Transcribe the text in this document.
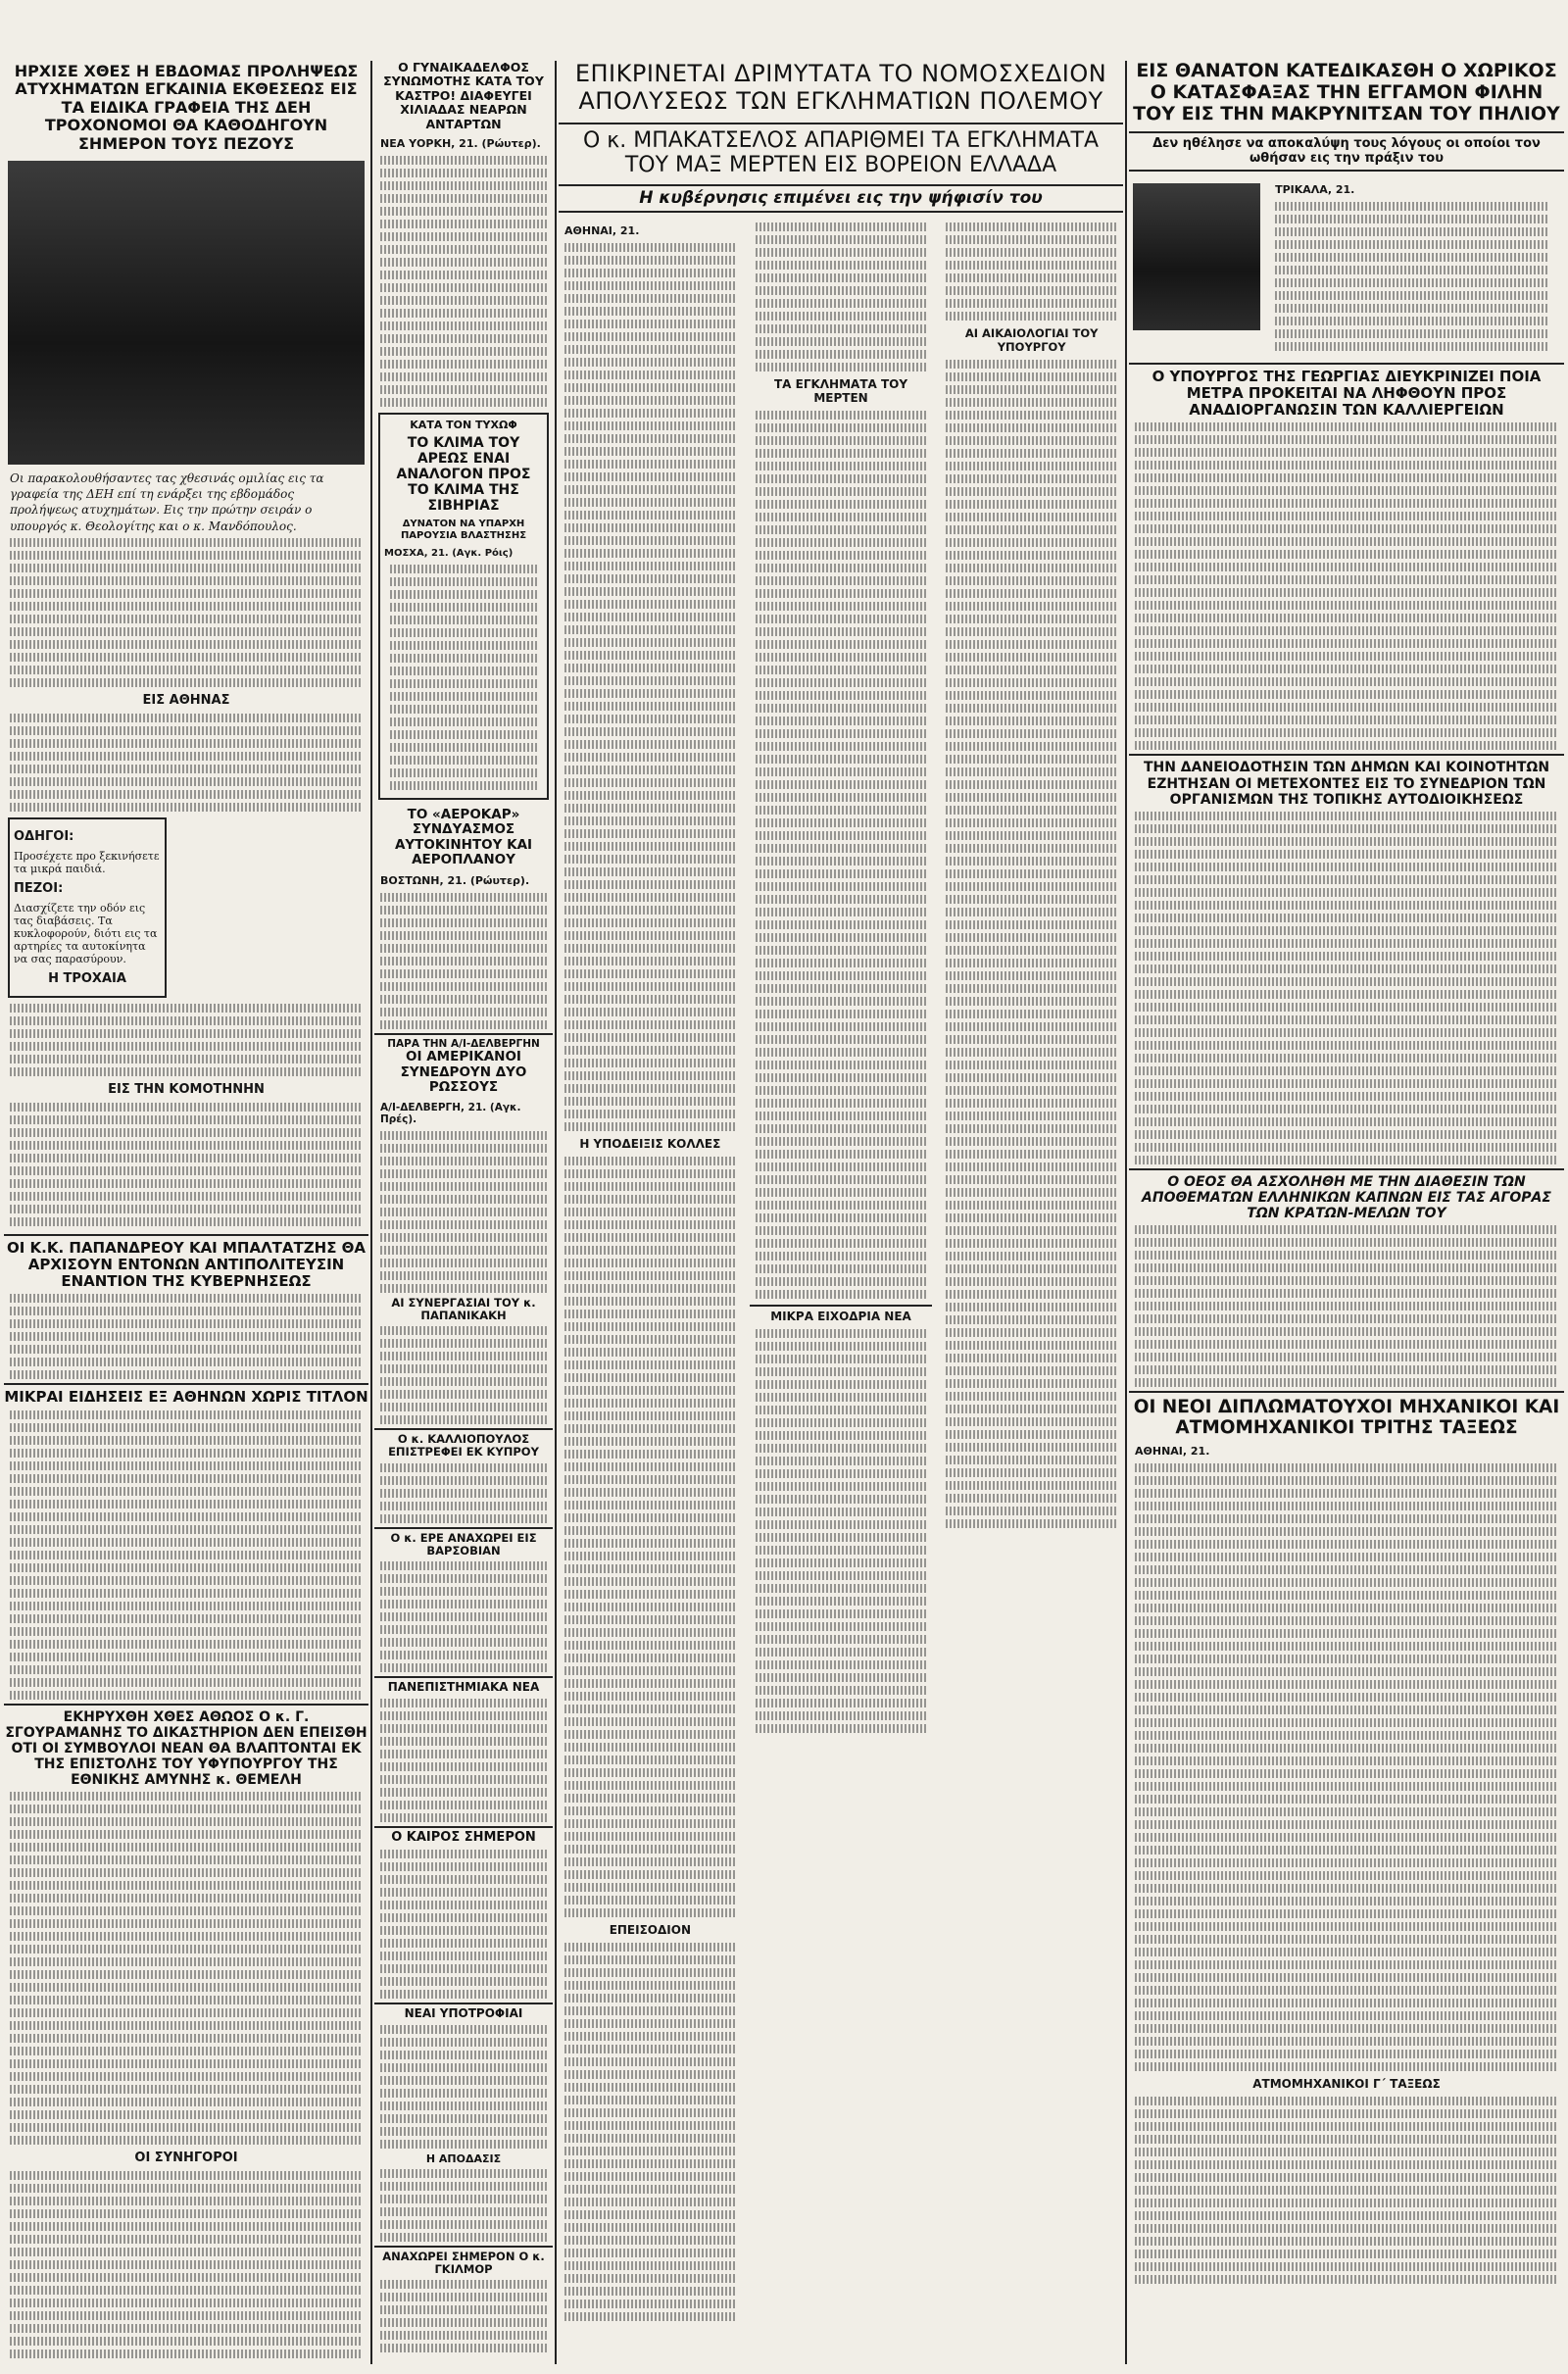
ΗΡΧΙΣΕ ΧΘΕΣ Η ΕΒΔΟΜΑΣ ΠΡΟΛΗΨΕΩΣ ΑΤΥΧΗΜΑΤΩΝ ΕΓΚΑΙΝΙΑ ΕΚΘΕΣΕΩΣ ΕΙΣ ΤΑ ΕΙΔΙΚΑ ΓΡΑΦΕΙΑ ΤΗΣ ΔΕΗ ΤΡΟΧΟΝΟΜΟΙ ΘΑ ΚΑΘΟΔΗΓΟΥΝ ΣΗΜΕΡΟΝ ΤΟΥΣ ΠΕΖΟΥΣ
Οι παρακολουθήσαντες τας χθεσινάς ομιλίας εις τα γραφεία της ΔΕΗ επί τη ενάρξει της εβδομάδος προλήψεως ατυχημάτων. Εις την πρώτην σειράν ο υπουργός κ. Θεολογίτης και ο κ. Μανδόπουλος.
ΕΙΣ ΑΘΗΝΑΣ
ΟΔΗΓΟΙ:
Προσέχετε προ ξεκινήσετε τα μικρά παιδιά.
ΠΕΖΟΙ:
Διασχίζετε την οδόν εις τας διαβάσεις. Τα κυκλοφορούν, διότι εις τα αρτηρίες τα αυτοκίνητα να σας παρασύρουν.
Η ΤΡΟΧΑΙΑ
ΕΙΣ ΤΗΝ ΚΟΜΟΤΗΝΗΝ
ΟΙ Κ.Κ. ΠΑΠΑΝΔΡΕΟΥ ΚΑΙ ΜΠΑΛΤΑΤΖΗΣ ΘΑ ΑΡΧΙΣΟΥΝ ΕΝΤΟΝΩΝ ΑΝΤΙΠΟΛΙΤΕΥΣΙΝ ΕΝΑΝΤΙΟΝ ΤΗΣ ΚΥΒΕΡΝΗΣΕΩΣ
ΜΙΚΡΑΙ ΕΙΔΗΣΕΙΣ ΕΞ ΑΘΗΝΩΝ ΧΩΡΙΣ ΤΙΤΛΟΝ
ΕΚΗΡΥΧΘΗ ΧΘΕΣ ΑΘΩΟΣ Ο κ. Γ. ΣΓΟΥΡΑΜΑΝΗΣ ΤΟ ΔΙΚΑΣΤΗΡΙΟΝ ΔΕΝ ΕΠΕΙΣΘΗ ΟΤΙ ΟΙ ΣΥΜΒΟΥΛΟΙ ΝΕΑΝ ΘΑ ΒΛΑΠΤΟΝΤΑΙ ΕΚ ΤΗΣ ΕΠΙΣΤΟΛΗΣ ΤΟΥ ΥΦΥΠΟΥΡΓΟΥ ΤΗΣ ΕΘΝΙΚΗΣ ΑΜΥΝΗΣ κ. ΘΕΜΕΛΗ
ΟΙ ΣΥΝΗΓΟΡΟΙ
Ο ΓΥΝΑΙΚΑΔΕΛΦΟΣ ΣΥΝΩΜΟΤΗΣ ΚΑΤΑ ΤΟΥ ΚΑΣΤΡΟ! ΔΙΑΦΕΥΓΕΙ ΧΙΛΙΑΔΑΣ ΝΕΑΡΩΝ ΑΝΤΑΡΤΩΝ
ΝΕΑ ΥΟΡΚΗ, 21. (Ρώυτερ).
ΚΑΤΑ ΤΟΝ ΤΥΧΩΦ
ΤΟ ΚΛΙΜΑ ΤΟΥ ΑΡΕΩΣ ΕΝΑΙ ΑΝΑΛΟΓΟΝ ΠΡΟΣ ΤΟ ΚΛΙΜΑ ΤΗΣ ΣΙΒΗΡΙΑΣ
ΔΥΝΑΤΟΝ ΝΑ ΥΠΑΡΧΗ ΠΑΡΟΥΣΙΑ ΒΛΑΣΤΗΣΗΣ
ΜΟΣΧΑ, 21. (Αγκ. Ρόις)
ΤΟ «ΑΕΡΟΚΑΡ» ΣΥΝΔΥΑΣΜΟΣ ΑΥΤΟΚΙΝΗΤΟΥ ΚΑΙ ΑΕΡΟΠΛΑΝΟΥ
ΒΟΣΤΩΝΗ, 21. (Ρώυτερ).
ΠΑΡΑ ΤΗΝ Α/Ι-ΔΕΛΒΕΡΓΗΝ
ΟΙ ΑΜΕΡΙΚΑΝΟΙ ΣΥΝΕΔΡΟΥΝ ΔΥΟ ΡΩΣΣΟΥΣ
Α/Ι-ΔΕΛΒΕΡΓΗ, 21. (Αγκ. Πρές).
ΑΙ ΣΥΝΕΡΓΑΣΙΑΙ ΤΟΥ κ. ΠΑΠΑΝΙΚΑΚΗ
Ο κ. ΚΑΛΛΙΟΠΟΥΛΟΣ ΕΠΙΣΤΡΕΦΕΙ ΕΚ ΚΥΠΡΟΥ
Ο κ. ΕΡΕ ΑΝΑΧΩΡΕΙ ΕΙΣ ΒΑΡΣΟΒΙΑΝ
ΠΑΝΕΠΙΣΤΗΜΙΑΚΑ ΝΕΑ
Ο ΚΑΙΡΟΣ ΣΗΜΕΡΟΝ
ΝΕΑΙ ΥΠΟΤΡΟΦΙΑΙ
Η ΑΠΟΔΑΣΙΣ
ΑΝΑΧΩΡΕΙ ΣΗΜΕΡΟΝ Ο κ. ΓΚΙΛΜΟΡ
ΕΠΙΚΡΙΝΕΤΑΙ ΔΡΙΜΥΤΑΤΑ ΤΟ ΝΟΜΟΣΧΕΔΙΟΝ ΑΠΟΛΥΣΕΩΣ ΤΩΝ ΕΓΚΛΗΜΑΤΙΩΝ ΠΟΛΕΜΟΥ
Ο κ. ΜΠΑΚΑΤΣΕΛΟΣ ΑΠΑΡΙΘΜΕΙ ΤΑ ΕΓΚΛΗΜΑΤΑ ΤΟΥ ΜΑΞ ΜΕΡΤΕΝ ΕΙΣ ΒΟΡΕΙΟΝ ΕΛΛΑΔΑ
Η κυβέρνησις επιμένει εις την ψήφισίν του
ΑΘΗΝΑΙ, 21.
Η ΥΠΟΔΕΙΞΙΣ ΚΟΛΛΕΣ
ΕΠΕΙΣΟΔΙΟΝ
ΤΑ ΕΓΚΛΗΜΑΤΑ ΤΟΥ ΜΕΡΤΕΝ
ΜΙΚΡΑ ΕΙΧΟΔΡΙΑ ΝΕΑ
ΑΙ ΑΙΚΑΙΟΛΟΓΙΑΙ ΤΟΥ ΥΠΟΥΡΓΟΥ
ΕΙΣ ΘΑΝΑΤΟΝ ΚΑΤΕΔΙΚΑΣΘΗ Ο ΧΩΡΙΚΟΣ Ο ΚΑΤΑΣΦΑΞΑΣ ΤΗΝ ΕΓΓΑΜΟΝ ΦΙΛΗΝ ΤΟΥ ΕΙΣ ΤΗΝ ΜΑΚΡΥΝΙΤΣΑΝ ΤΟΥ ΠΗΛΙΟΥ
Δεν ηθέλησε να αποκαλύψη τους λόγους οι οποίοι τον ωθήσαν εις την πράξιν του

ΤΡΙΚΑΛΑ, 21.
Ο ΥΠΟΥΡΓΟΣ ΤΗΣ ΓΕΩΡΓΙΑΣ ΔΙΕΥΚΡΙΝΙΖΕΙ ΠΟΙΑ ΜΕΤΡΑ ΠΡΟΚΕΙΤΑΙ ΝΑ ΛΗΦΘΟΥΝ ΠΡΟΣ ΑΝΑΔΙΟΡΓΑΝΩΣΙΝ ΤΩΝ ΚΑΛΛΙΕΡΓΕΙΩΝ
ΤΗΝ ΔΑΝΕΙΟΔΟΤΗΣΙΝ ΤΩΝ ΔΗΜΩΝ ΚΑΙ ΚΟΙΝΟΤΗΤΩΝ ΕΖΗΤΗΣΑΝ ΟΙ ΜΕΤΕΧΟΝΤΕΣ ΕΙΣ ΤΟ ΣΥΝΕΔΡΙΟΝ ΤΩΝ ΟΡΓΑΝΙΣΜΩΝ ΤΗΣ ΤΟΠΙΚΗΣ ΑΥΤΟΔΙΟΙΚΗΣΕΩΣ
Ο ΟΕΟΣ ΘΑ ΑΣΧΟΛΗΘΗ ΜΕ ΤΗΝ ΔΙΑΘΕΣΙΝ ΤΩΝ ΑΠΟΘΕΜΑΤΩΝ ΕΛΛΗΝΙΚΩΝ ΚΑΠΝΩΝ ΕΙΣ ΤΑΣ ΑΓΟΡΑΣ ΤΩΝ ΚΡΑΤΩΝ-ΜΕΛΩΝ ΤΟΥ
ΟΙ ΝΕΟΙ ΔΙΠΛΩΜΑΤΟΥΧΟΙ ΜΗΧΑΝΙΚΟΙ ΚΑΙ ΑΤΜΟΜΗΧΑΝΙΚΟΙ ΤΡΙΤΗΣ ΤΑΞΕΩΣ
ΑΘΗΝΑΙ, 21.
ΑΤΜΟΜΗΧΑΝΙΚΟΙ Γ΄ ΤΑΞΕΩΣ
